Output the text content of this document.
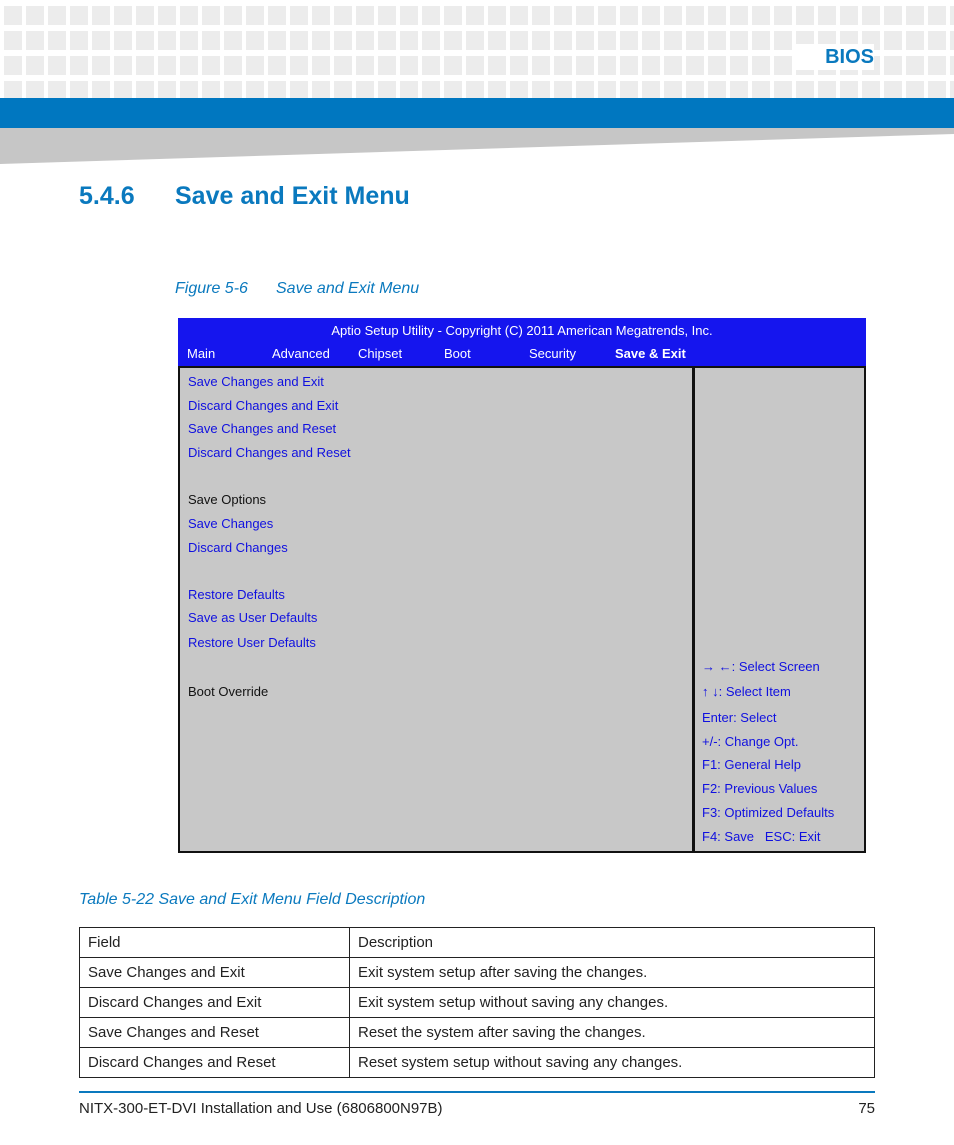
BIOS
5.4.6 Save and Exit Menu
Figure 5-6 Save and Exit Menu
Aptio Setup Utility - Copyright (C) 2011 American Megatrends, Inc.
Main	Advanced Chipset	Boot	Security	Save & Exit
Save Changes and Exit
Discard Changes and Exit
Save Changes and Reset
Discard Changes and Reset
Save Options
Save Changes
Discard Changes
Restore Defaults
Save as User Defaults
Restore User Defaults
Boot Override
→ ←: Select Screen
↑ ↓: Select Item
Enter: Select
+/-: Change Opt.
F1: General Help
F2: Previous Values
F3: Optimized Defaults
F4: Save   ESC: Exit
Table 5-22 Save and Exit Menu Field Description
Field	Description
Save Changes and Exit	Exit system setup after saving the changes.
Discard Changes and Exit	Exit system setup without saving any changes.
Save Changes and Reset	Reset the system after saving the changes.
Discard Changes and Reset	Reset system setup without saving any changes.
NITX-300-ET-DVI Installation and Use (6806800N97B)	75
